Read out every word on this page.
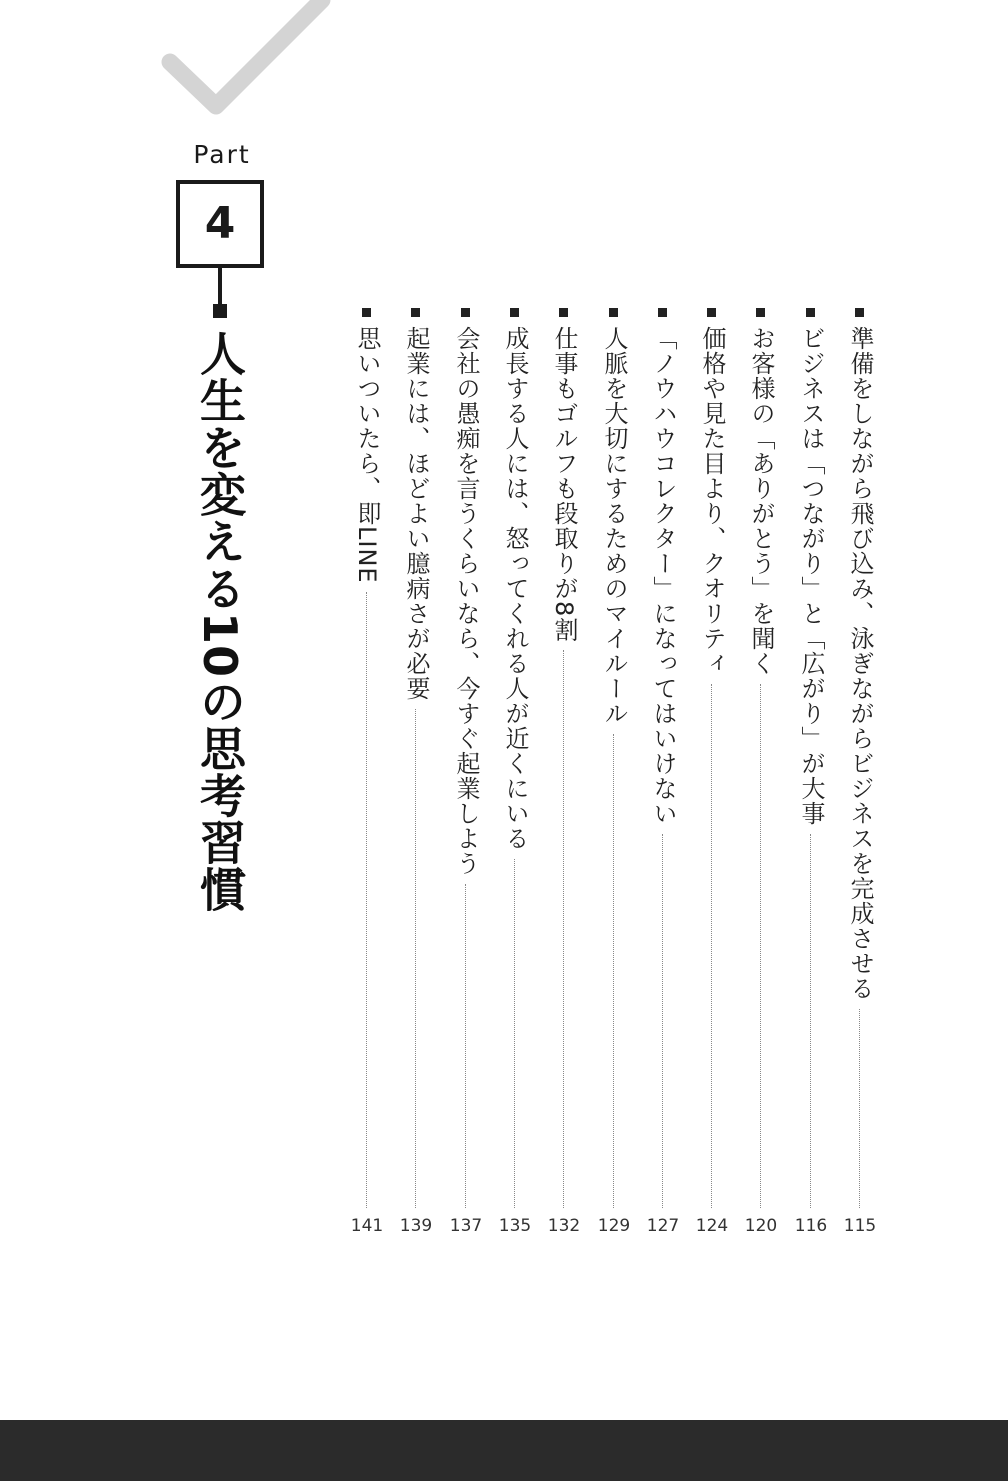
Part
4
人生を変える10の思考習慣	準備をしながら飛び込み、泳ぎながらビジネスを完成させる
115
ビジネスは「つながり」と「広がり」が大事
116
お客様の「ありがとう」を聞く
120
価格や見た目より、クオリティ
124
「ノウハウコレクター」になってはいけない
127
人脈を大切にするためのマイルール
129
仕事もゴルフも段取りが8割
132
成長する人には、怒ってくれる人が近くにいる
135
会社の愚痴を言うくらいなら、今すぐ起業しよう
137
起業には、ほどよい臆病さが必要
139
思いついたら、即LINE
141
